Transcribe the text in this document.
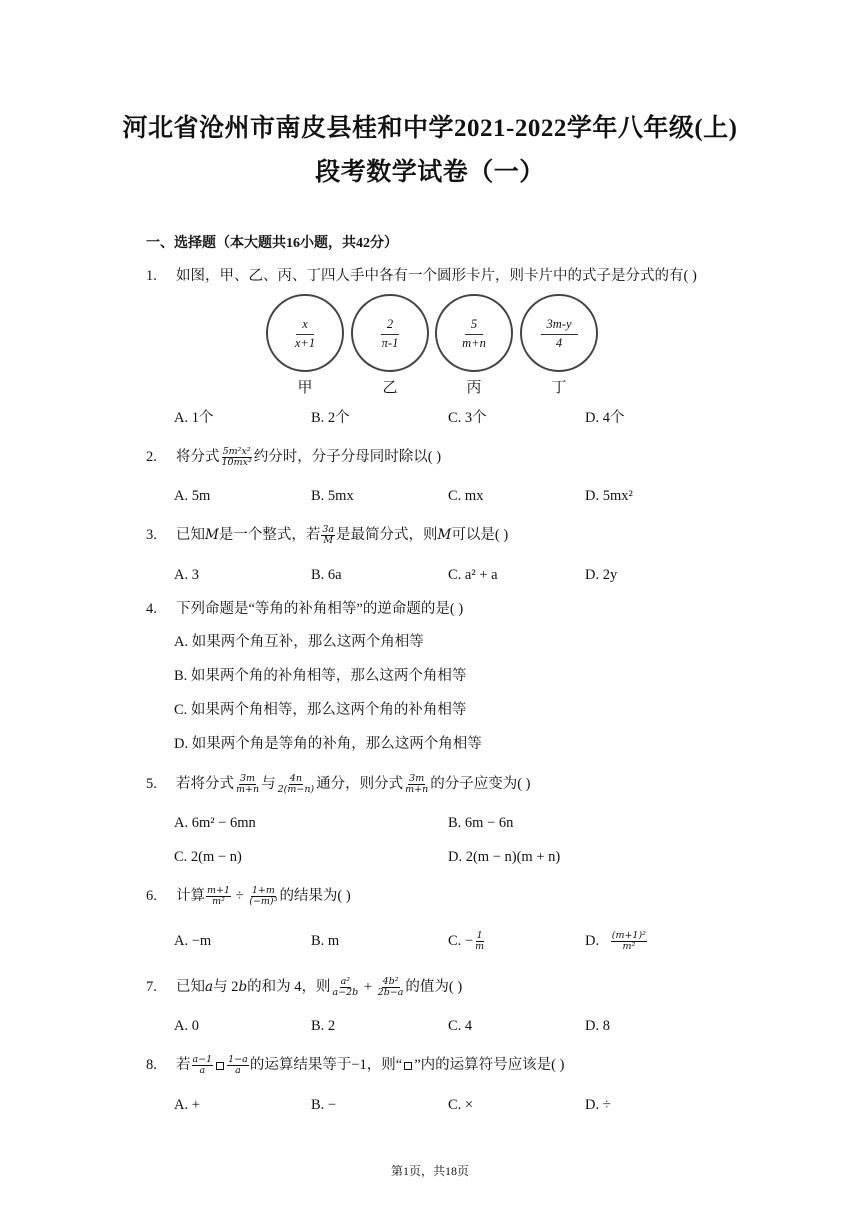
河北省沧州市南皮县桂和中学2021-2022学年八年级(上)
段考数学试卷（一）
一、选择题（本大题共16小题，共42分）
1. 如图，甲、乙、丙、丁四人手中各有一个圆形卡片，则卡片中的式子是分式的有( )
$\frac{x}{x+1}$	$\frac{2}{\pi-1}$	$\frac{5}{m+n}$	$\frac{3m-y}{4}$
甲	乙	丙	丁
A. 1个	B. 2个	C. 3个	D. 4个
2. 将分式 $\frac{\text{5m²x²}}{\text{10mx²}}$ 约分时，分子分母同时除以( )
A. 5m	B. 5mx	C. mx	D. 5mx²
3. 已知M是一个整式，若 $\frac{3a}{M}$ 是最简分式，则M可以是( )
A. 3	B. 6a	C. a² + a	D. 2y
4. 下列命题是“等角的补角相等”的逆命题的是( )
A. 如果两个角互补，那么这两个角相等
B. 如果两个角的补角相等，那么这两个角相等
C. 如果两个角相等，那么这两个角的补角相等
D. 如果两个角是等角的补角，那么这两个角相等
5. 若将分式 $\frac{3m}{m+n}$ 与 $\frac{4n}{2(m-n)}$ 通分，则分式 $\frac{3m}{m+n}$ 的分子应变为( )
A. 6m² − 6mn	B. 6m − 6n
C. 2(m − n)	D. 2(m − n)(m + n)
6. 计算 $\frac{m+1}{\text{m²}} \div \frac{1+m}{\text{(−m)³}}$ 的结果为( )
A. −m	B. m	C. − $\frac{1}{m}$	D. $\frac{\text{(m+1)²}}{\text{m²}}$
7. 已知a与 2b的和为 4，则 $\frac{\text{a²}}{a-2b} + \frac{\text{4b²}}{2b-a}$ 的值为( )
A. 0	B. 2	C. 4	D. 8
8. 若 $\frac{a-1}{a} \frac{1-a}{a}$ 的运算结果等于−1，则“ ”内的运算符号应该是( )
A. +	B. −	C. ×	D. ÷
第1页，共18页
